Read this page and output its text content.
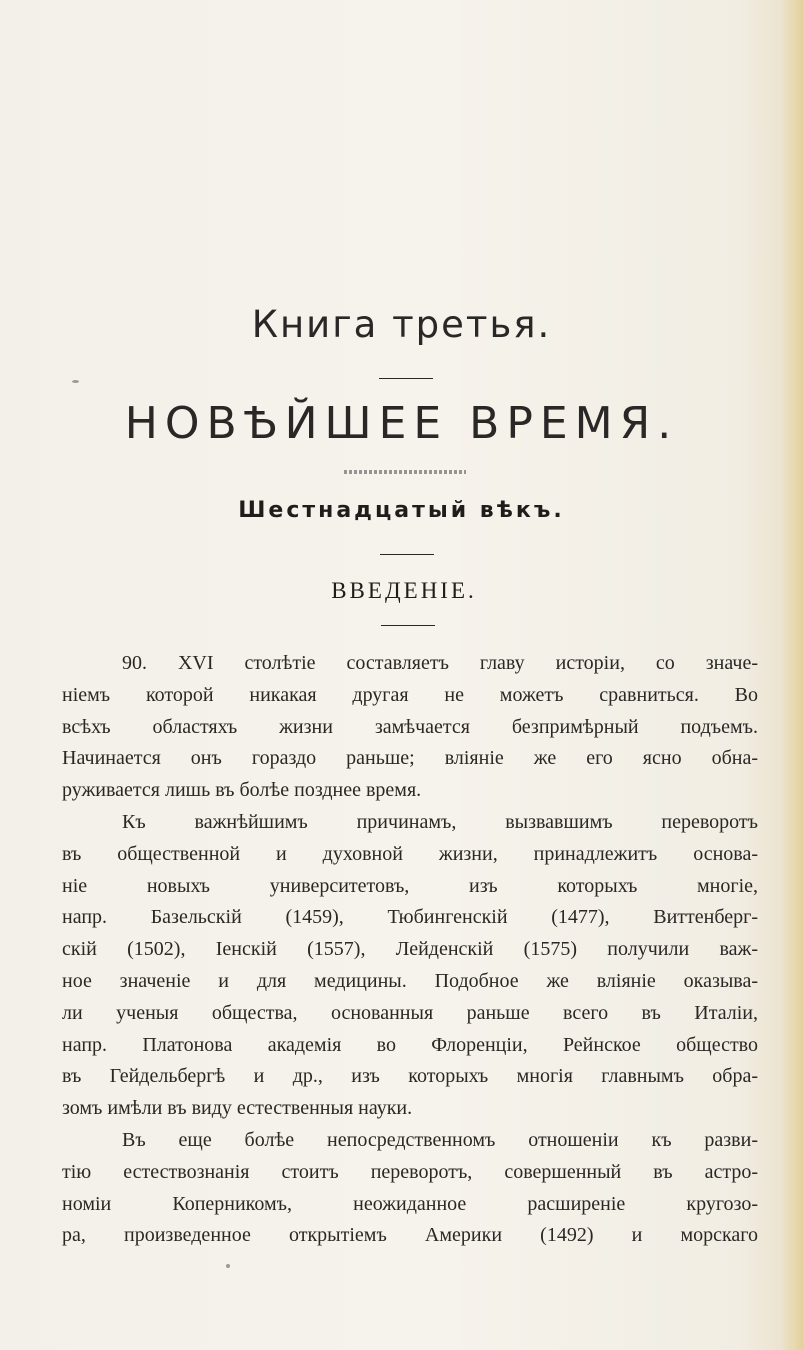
Книга третья.
НОВѢЙШЕЕ ВРЕМЯ.
Шестнадцатый вѣкъ.
ВВЕДЕНІЕ.
90. XVI столѣтіе составляетъ главу исторіи, со значе-
ніемъ которой никакая другая не можетъ сравниться. Во
всѣхъ областяхъ жизни замѣчается безпримѣрный подъемъ.
Начинается онъ гораздо раньше; вліяніе же его ясно обна-
руживается лишь въ болѣе позднее время.
Къ важнѣйшимъ причинамъ, вызвавшимъ переворотъ
въ общественной и духовной жизни, принадлежитъ основа-
ніе новыхъ университетовъ, изъ которыхъ многіе,
напр. Базельскій (1459), Тюбингенскій (1477), Виттенберг-
скій (1502), Іенскій (1557), Лейденскій (1575) получили важ-
ное значеніе и для медицины. Подобное же вліяніе оказыва-
ли ученыя общества, основанныя раньше всего въ Италіи,
напр. Платонова академія во Флоренціи, Рейнское общество
въ Гейдельбергѣ и др., изъ которыхъ многія главнымъ обра-
зомъ имѣли въ виду естественныя науки.
Въ еще болѣе непосредственномъ отношеніи къ разви-
тію естествознанія стоитъ переворотъ, совершенный въ астро-
номіи Коперникомъ, неожиданное расширеніе кругозо-
ра, произведенное открытіемъ Америки (1492) и морскаго
